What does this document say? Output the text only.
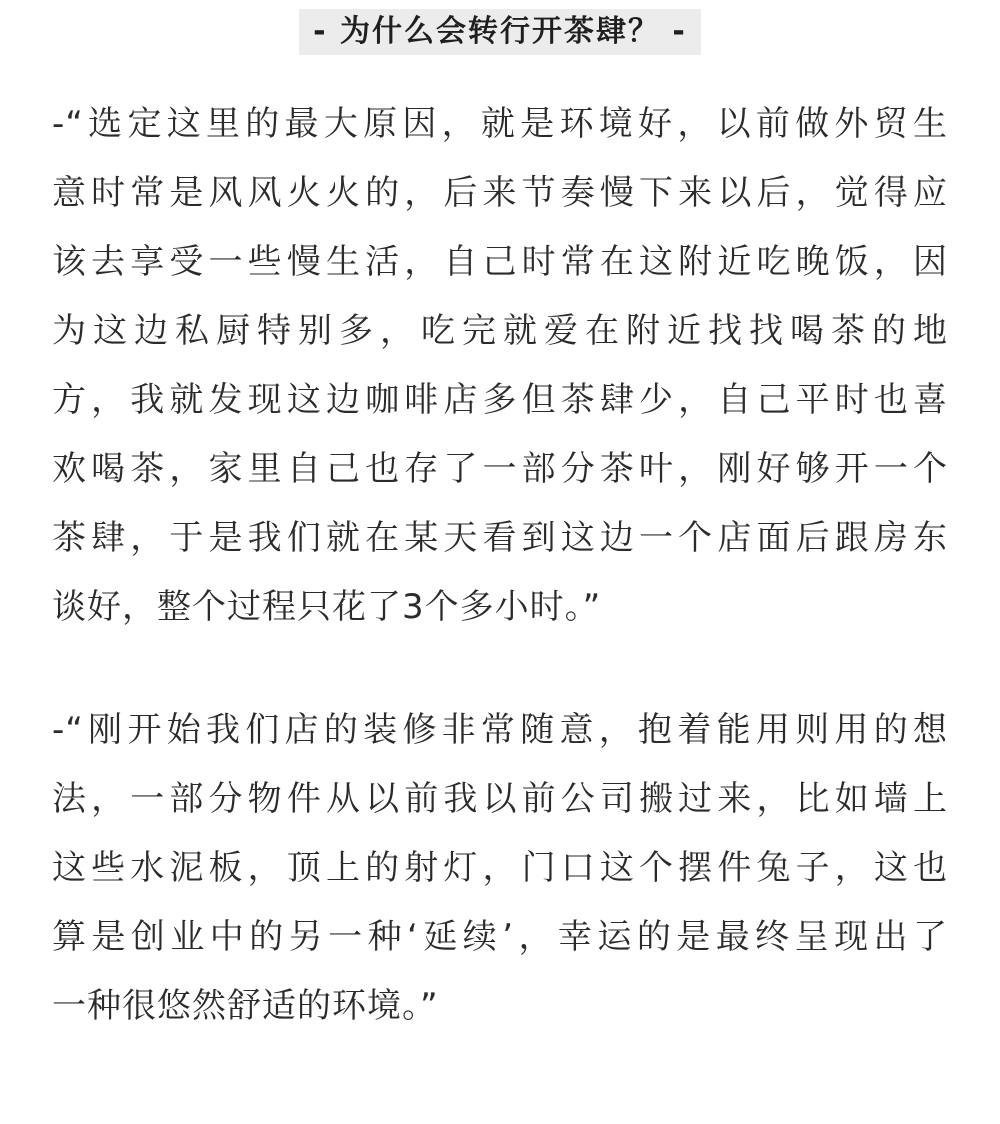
- 为什么会转行开茶肆？ -
-“选定这里的最大原因，就是环境好，以前做外贸生
意时常是风风火火的，后来节奏慢下来以后，觉得应
该去享受一些慢生活，自己时常在这附近吃晚饭，因
为这边私厨特别多，吃完就爱在附近找找喝茶的地
方，我就发现这边咖啡店多但茶肆少，自己平时也喜
欢喝茶，家里自己也存了一部分茶叶，刚好够开一个
茶肆，于是我们就在某天看到这边一个店面后跟房东
谈好，整个过程只花了3个多小时。”
-“刚开始我们店的装修非常随意，抱着能用则用的想
法，一部分物件从以前我以前公司搬过来，比如墙上
这些水泥板，顶上的射灯，门口这个摆件兔子，这也
算是创业中的另一种‘延续’，幸运的是最终呈现出了
一种很悠然舒适的环境。”
